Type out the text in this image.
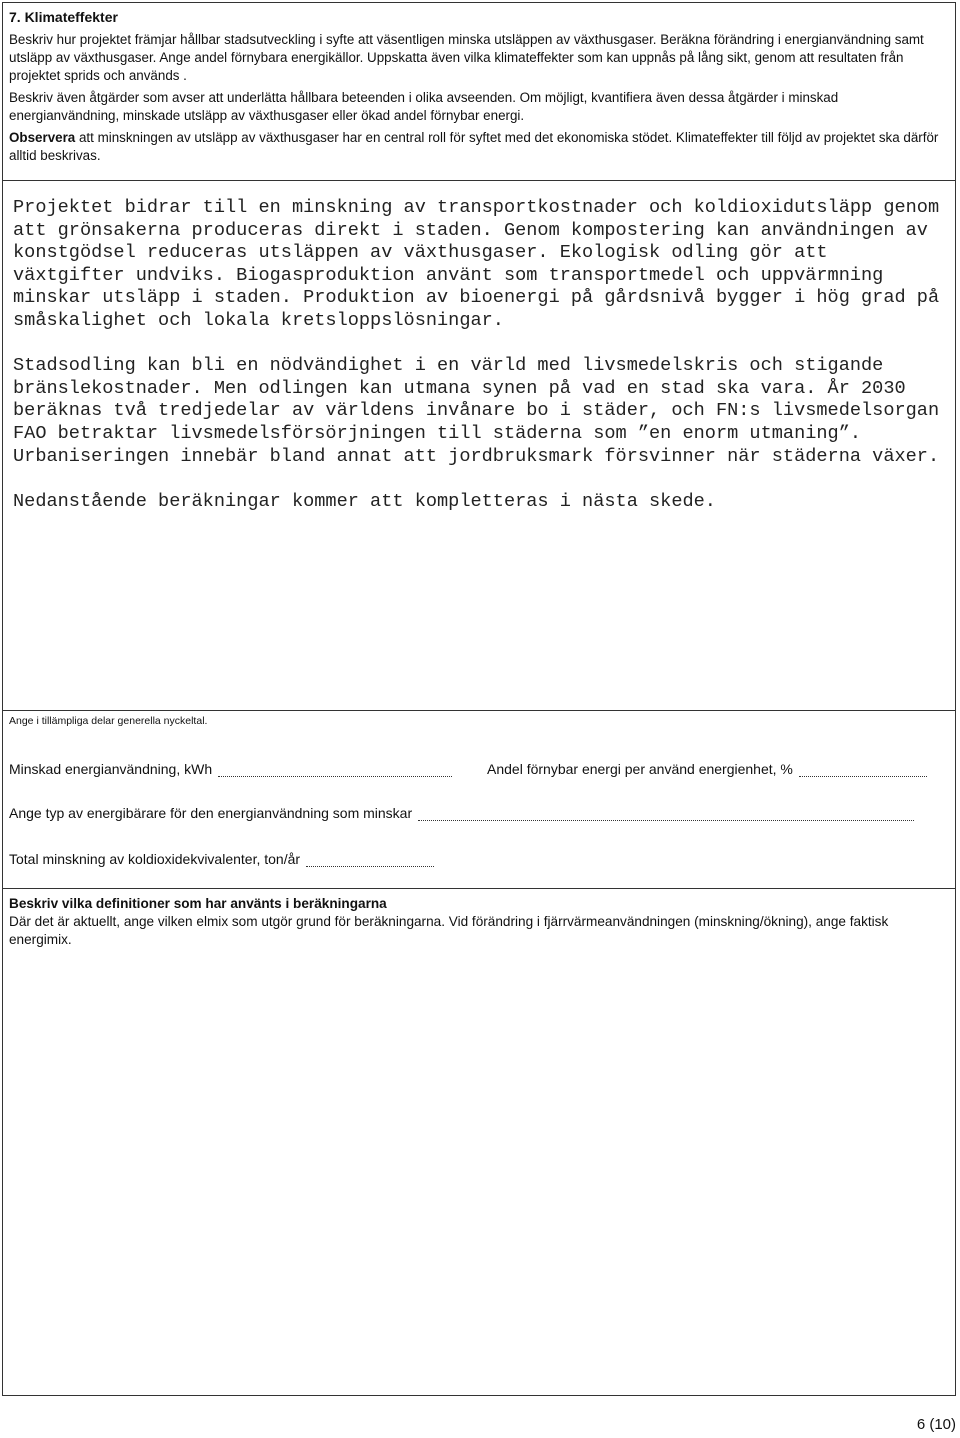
7. Klimateffekter

Beskriv hur projektet främjar hållbar stadsutveckling i syfte att väsentligen minska utsläppen av växthusgaser. Beräkna förändring i energianvändning samt utsläpp av växthusgaser. Ange andel förnybara energikällor. Uppskatta även vilka klimateffekter som kan uppnås på lång sikt, genom att resultaten från projektet sprids och används .

Beskriv även åtgärder som avser att underlätta hållbara beteenden i olika avseenden. Om möjligt, kvantifiera även dessa åtgärder i minskad energianvändning, minskade utsläpp av växthusgaser eller ökad andel förnybar energi.

Observera att minskningen av utsläpp av växthusgaser har en central roll för syftet med det ekonomiska stödet. Klimateffekter till följd av projektet ska därför alltid beskrivas.

Projektet bidrar till en minskning av transportkostnader och koldioxidutsläpp genom att grönsakerna produceras direkt i staden. Genom kompostering kan användningen av konstgödsel reduceras utsläppen av växthusgaser. Ekologisk odling gör att växtgifter undviks. Biogasproduktion använt som transportmedel och uppvärmning minskar utsläpp i staden. Produktion av bioenergi på gårdsnivå bygger i hög grad på småskalighet och lokala kretsloppslösningar.

Stadsodling kan bli en nödvändighet i en värld med livsmedelskris och stigande bränslekostnader. Men odlingen kan utmana synen på vad en stad ska vara. År 2030 beräknas två tredjedelar av världens invånare bo i städer, och FN:s livsmedelsorgan FAO betraktar livsmedelsförsörjningen till städerna som ”en enorm utmaning”. Urbaniseringen innebär bland annat att jordbruksmark försvinner när städerna växer.

Nedanstående beräkningar kommer att kompletteras i nästa skede.

Ange i tillämpliga delar generella nyckeltal.
Minskad energianvändning, kWh	Andel förnybar energi per använd energienhet, %
Ange typ av energibärare för den energianvändning som minskar
Total minskning av koldioxidekvivalenter, ton/år

Beskriv vilka definitioner som har använts i beräkningarna

Där det är aktuellt, ange vilken elmix som utgör grund för beräkningarna. Vid förändring i fjärrvärmeanvändningen (minskning/ökning), ange faktisk energimix.

6 (10)
